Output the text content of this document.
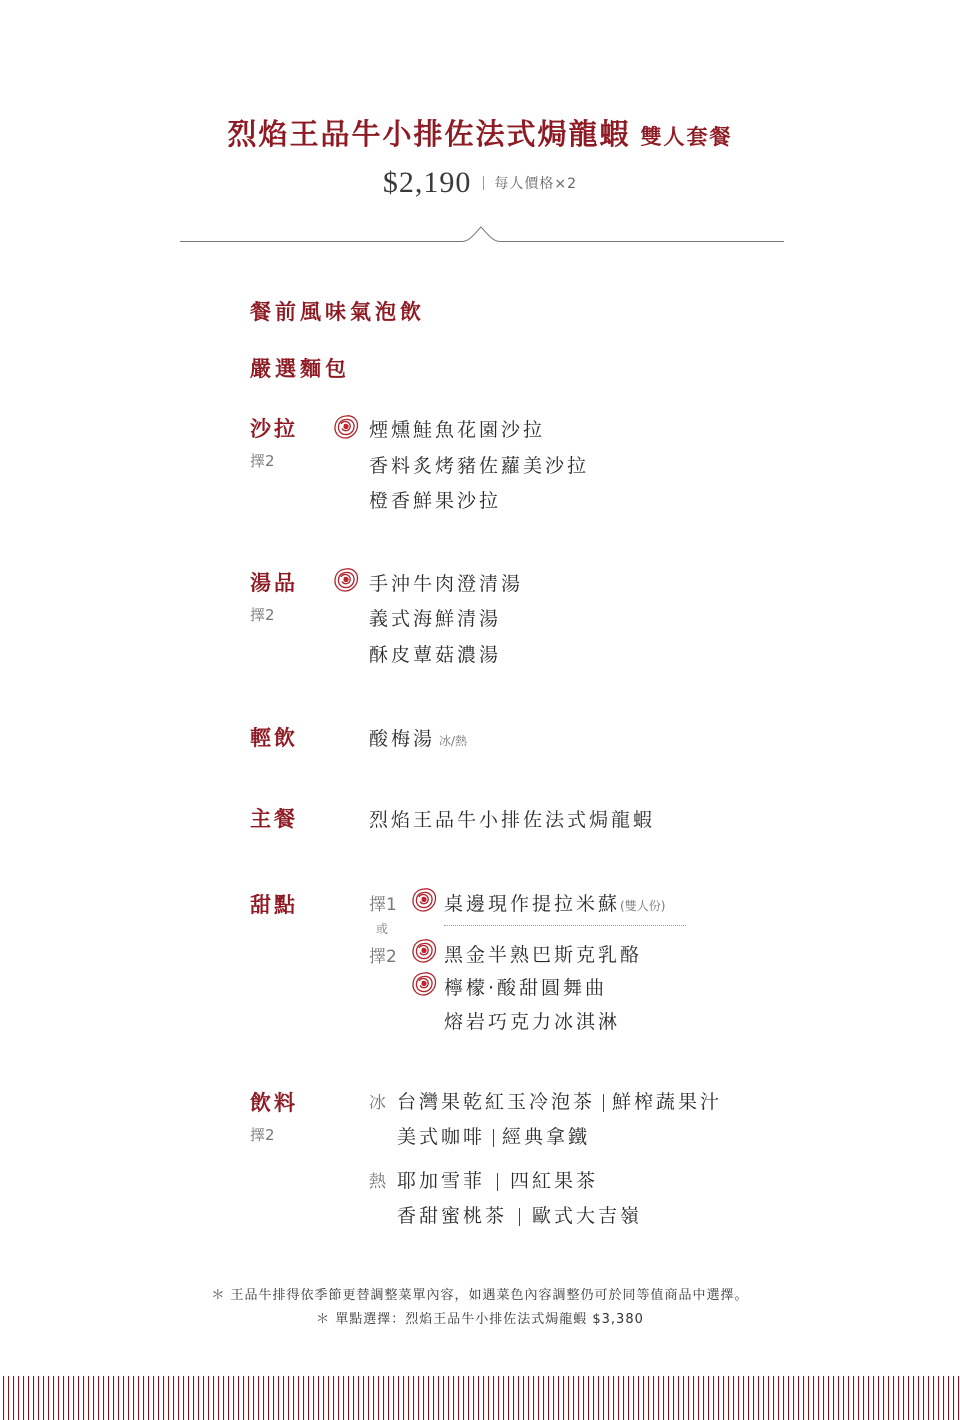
烈焰王品牛小排佐法式焗龍蝦 雙人套餐
$2,190 每人價格×2
餐前風味氣泡飲
嚴選麵包
沙拉
擇2
煙燻鮭魚花園沙拉
香料炙烤豬佐蘿美沙拉
橙香鮮果沙拉
湯品
擇2
手沖牛肉澄清湯
義式海鮮清湯
酥皮蕈菇濃湯
輕飲	酸梅湯 冰/熱
主餐	烈焰王品牛小排佐法式焗龍蝦
甜點	擇1
或
擇2
桌邊現作提拉米蘇(雙人份)
黑金半熟巴斯克乳酪
檸檬·酸甜圓舞曲
熔岩巧克力冰淇淋
飲料
擇2
冰 台灣果乾紅玉冷泡茶 鮮榨蔬果汁
美式咖啡 經典拿鐵
熱 耶加雪菲 四紅果茶
香甜蜜桃茶 歐式大吉嶺
＊ 王品牛排得依季節更替調整菜單內容，如遇菜色內容調整仍可於同等值商品中選擇。
＊ 單點選擇：烈焰王品牛小排佐法式焗龍蝦 $3,380
